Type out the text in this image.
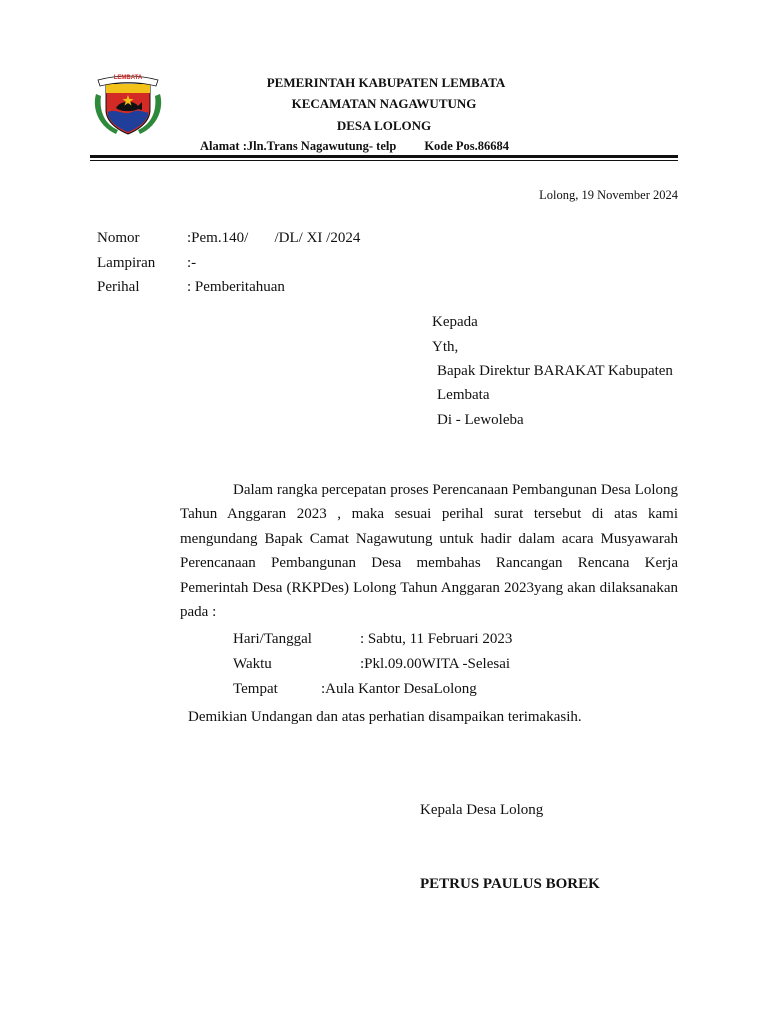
LEMBATA	PEMERINTAH KABUPATEN LEMBATA
KECAMATAN NAGAWUTUNG
DESA LOLONG
Alamat :Jln.Trans Nagawutung- telp Kode Pos.86684
Lolong, 19 November 2024
Nomor	:Pem.140/       /DL/ XI /2024
Lampiran :-
Perihal	: Pemberitahuan
Kepada
Yth,
Bapak Direktur BARAKAT Kabupaten
Lembata
Di - Lewoleba
Dalam rangka percepatan proses Perencanaan Pembangunan Desa Lolong Tahun Anggaran 2023 , maka sesuai perihal surat tersebut di atas kami mengundang Bapak Camat Nagawutung untuk hadir dalam acara Musyawarah Perencanaan Pembangunan Desa membahas Rancangan Rencana Kerja Pemerintah Desa (RKPDes) Lolong Tahun Anggaran 2023yang akan dilaksanakan pada :
Hari/Tanggal	: Sabtu, 11 Februari 2023
Waktu	:Pkl.09.00WITA -Selesai
Tempat	:Aula Kantor DesaLolong
Demikian Undangan dan atas perhatian disampaikan terimakasih.
Kepala Desa Lolong
PETRUS PAULUS BOREK
